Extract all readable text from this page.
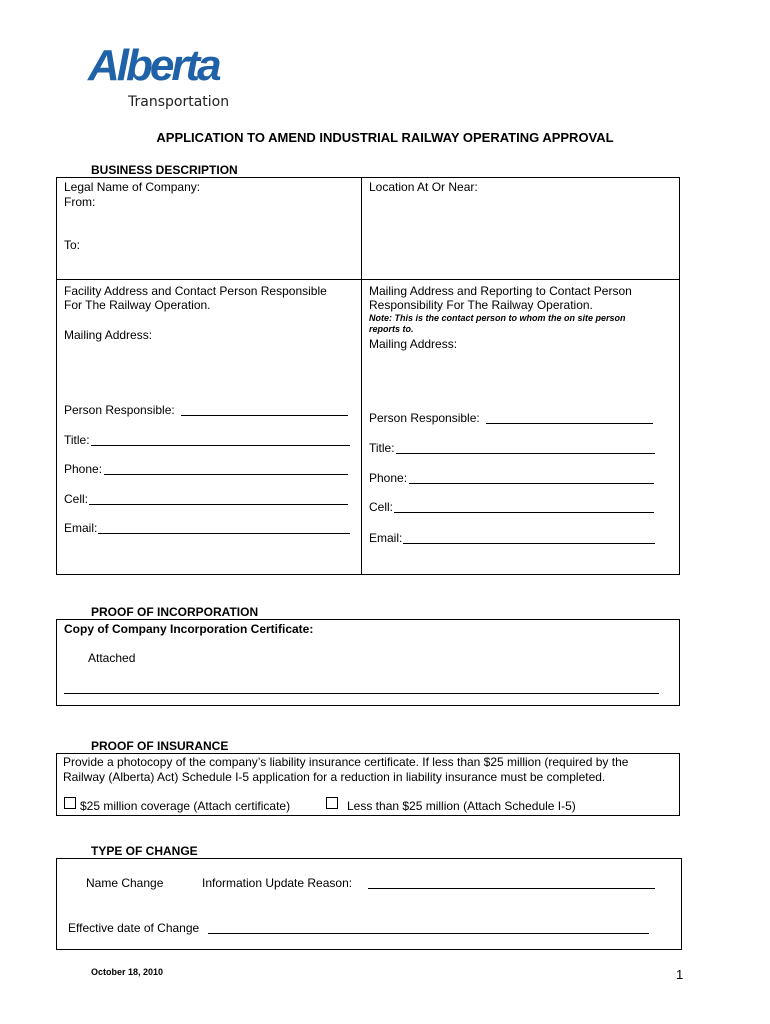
Alberta
Transportation
APPLICATION TO AMEND INDUSTRIAL RAILWAY OPERATING APPROVAL
BUSINESS DESCRIPTION
Legal Name of Company:
From:
To:
Location At Or Near:
Facility Address and Contact Person Responsible
For The Railway Operation.
Mailing Address:
Person Responsible:
Title:
Phone:
Cell:
Email:
Mailing Address and Reporting to Contact Person
Responsibility For The Railway Operation.
Note: This is the contact person to whom the on site person
reports to.
Mailing Address:
Person Responsible:
Title:
Phone:
Cell:
Email:
PROOF OF INCORPORATION
Copy of Company Incorporation Certificate:
Attached
PROOF OF INSURANCE
Provide a photocopy of the company’s liability insurance certificate. If less than $25 million (required by the
Railway (Alberta) Act) Schedule I-5 application for a reduction in liability insurance must be completed.
$25 million coverage (Attach certificate)	Less than $25 million (Attach Schedule I-5)
TYPE OF CHANGE
Name Change	Information Update Reason:
Effective date of Change
October 18, 2010	1
